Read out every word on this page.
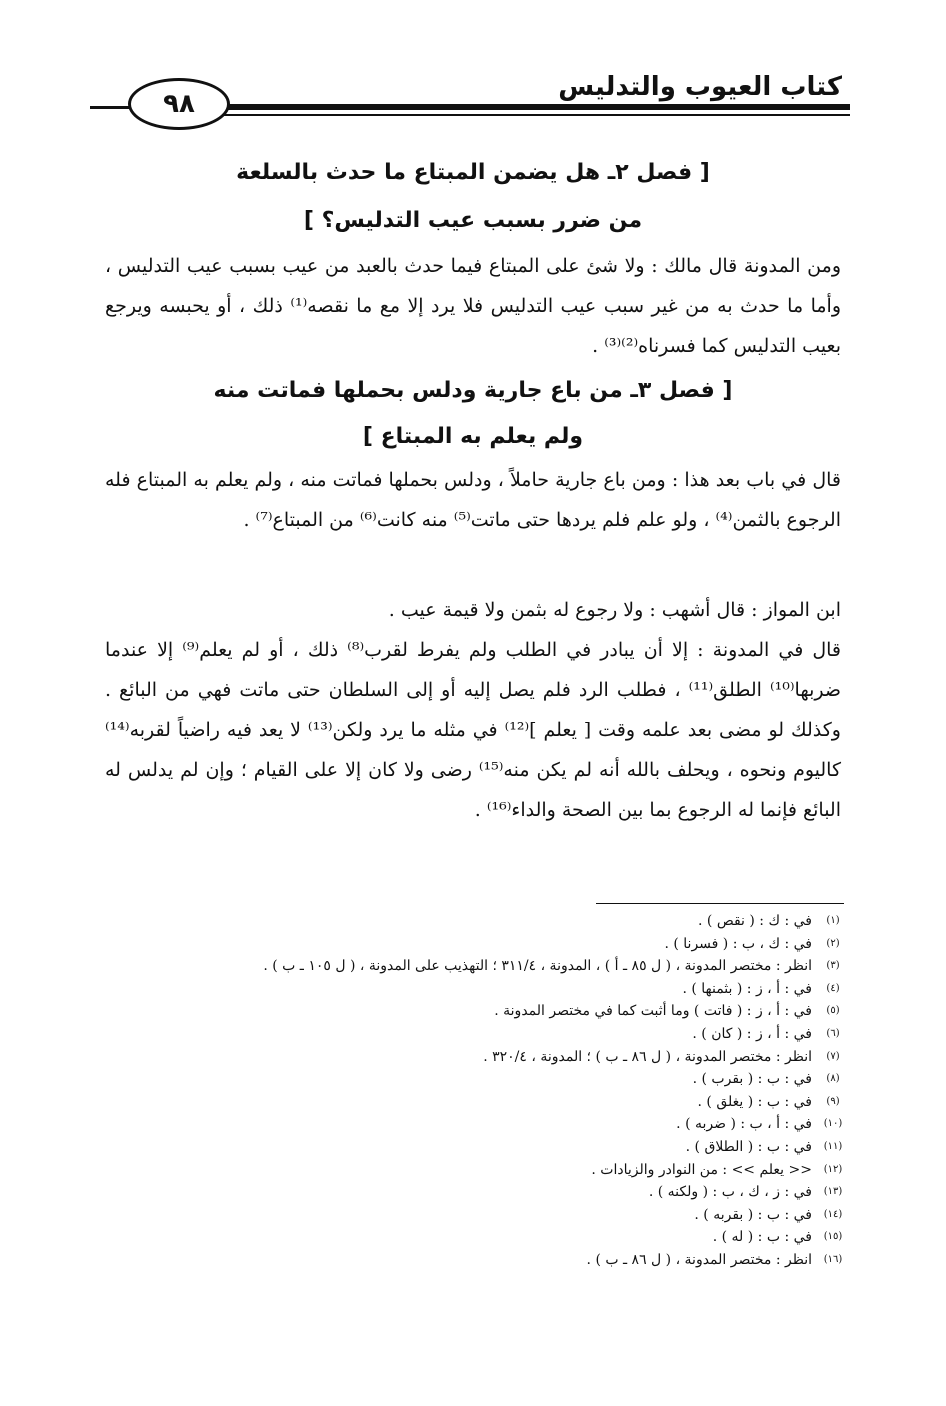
كتاب العيوب والتدليس
٩٨
[ فصل ٢ـ هل يضمن المبتاع ما حدث بالسلعة
من ضرر بسبب عيب التدليس؟ ]
ومن المدونة قال مالك : ولا شئ على المبتاع فيما حدث بالعبد من عيب بسبب عيب التدليس ، وأما ما حدث به من غير سبب عيب التدليس فلا يرد إلا مع ما نقصه⁽¹⁾ ذلك ، أو يحبسه ويرجع بعيب التدليس كما فسرناه⁽²⁾⁽³⁾ .
[ فصل ٣ـ من باع جارية ودلس بحملها فماتت منه
ولم يعلم به المبتاع ]
قال في باب بعد هذا : ومن باع جارية حاملاً ، ودلس بحملها فماتت منه ، ولم يعلم به المبتاع فله الرجوع بالثمن⁽⁴⁾ ، ولو علم فلم يردها حتى ماتت⁽⁵⁾ منه كانت⁽⁶⁾ من المبتاع⁽⁷⁾ .
ابن المواز : قال أشهب : ولا رجوع له بثمن ولا قيمة عيب .
قال في المدونة : إلا أن يبادر في الطلب ولم يفرط لقرب⁽⁸⁾ ذلك ، أو لم يعلم⁽⁹⁾ إلا عندما ضربها⁽¹⁰⁾ الطلق⁽¹¹⁾ ، فطلب الرد فلم يصل إليه أو إلى السلطان حتى ماتت فهي من البائع . وكذلك لو مضى بعد علمه وقت [ يعلم ]⁽¹²⁾ في مثله ما يرد ولكن⁽¹³⁾ لا يعد فيه راضياً لقربه⁽¹⁴⁾ كاليوم ونحوه ، ويحلف بالله أنه لم يكن منه⁽¹⁵⁾ رضى ولا كان إلا على القيام ؛ وإن لم يدلس له البائع فإنما له الرجوع بما بين الصحة والداء⁽¹⁶⁾ .
(١)
في : ك : ( نقص ) .
(٢)
في : ك ، ب : ( فسرنا ) .
(٣)
انظر : مختصر المدونة ، ( ل ٨٥ ـ أ ) ، المدونة ، ٣١١/٤ ؛ التهذيب على المدونة ، ( ل ١٠٥ ـ ب ) .
(٤)
في : أ ، ز : ( بثمنها ) .
(٥)
في : أ ، ز : ( فاتت ) وما أثبت كما في مختصر المدونة .
(٦)
في : أ ، ز : ( كان ) .
(٧)
انظر : مختصر المدونة ، ( ل ٨٦ ـ ب ) ؛ المدونة ، ٣٢٠/٤ .
(٨)
في : ب : ( بقرب ) .
(٩)
في : ب : ( يغلق ) .
(١٠)
في : أ ، ب : ( ضربه ) .
(١١)
في : ب : ( الطلاق ) .
(١٢)
<< يعلم >> : من النوادر والزيادات .
(١٣)
في : ز ، ك ، ب : ( ولكنه ) .
(١٤)
في : ب : ( بقربه ) .
(١٥)
في : ب : ( له ) .
(١٦)
انظر : مختصر المدونة ، ( ل ٨٦ ـ ب ) .
